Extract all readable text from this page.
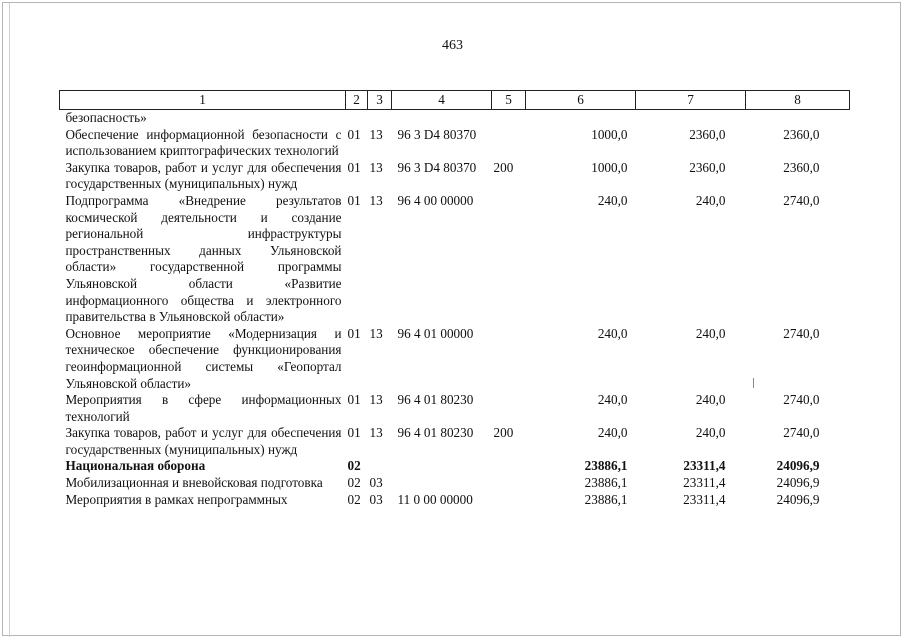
463
1	2	3	4	5	6	7	8
безопасность»							
Обеспечение информационной безопасности с использованием криптографических технологий	01	13	96 3 D4 80370		1000,0	2360,0	2360,0
Закупка товаров, работ и услуг для обеспечения государственных (муниципальных) нужд	01	13	96 3 D4 80370	200	1000,0	2360,0	2360,0
Подпрограмма «Внедрение результатов космической деятельности и создание региональной инфраструктуры пространственных данных Ульяновской области» государственной программы Ульяновской области «Развитие информационного общества и электронного правительства в Ульяновской области»	01	13	96 4 00 00000		240,0	240,0	2740,0
Основное мероприятие «Модернизация и техническое обеспечение функционирования геоинформационной системы «Геопортал Ульяновской области»	01	13	96 4 01 00000		240,0	240,0	2740,0
Мероприятия в сфере информационных технологий	01	13	96 4 01 80230		240,0	240,0	2740,0
Закупка товаров, работ и услуг для обеспечения государственных (муниципальных) нужд	01	13	96 4 01 80230	200	240,0	240,0	2740,0
Национальная оборона	02				23886,1	23311,4	24096,9
Мобилизационная и вневойсковая подготовка	02	03			23886,1	23311,4	24096,9
Мероприятия в рамках непрограммных	02	03	11 0 00 00000		23886,1	23311,4	24096,9
